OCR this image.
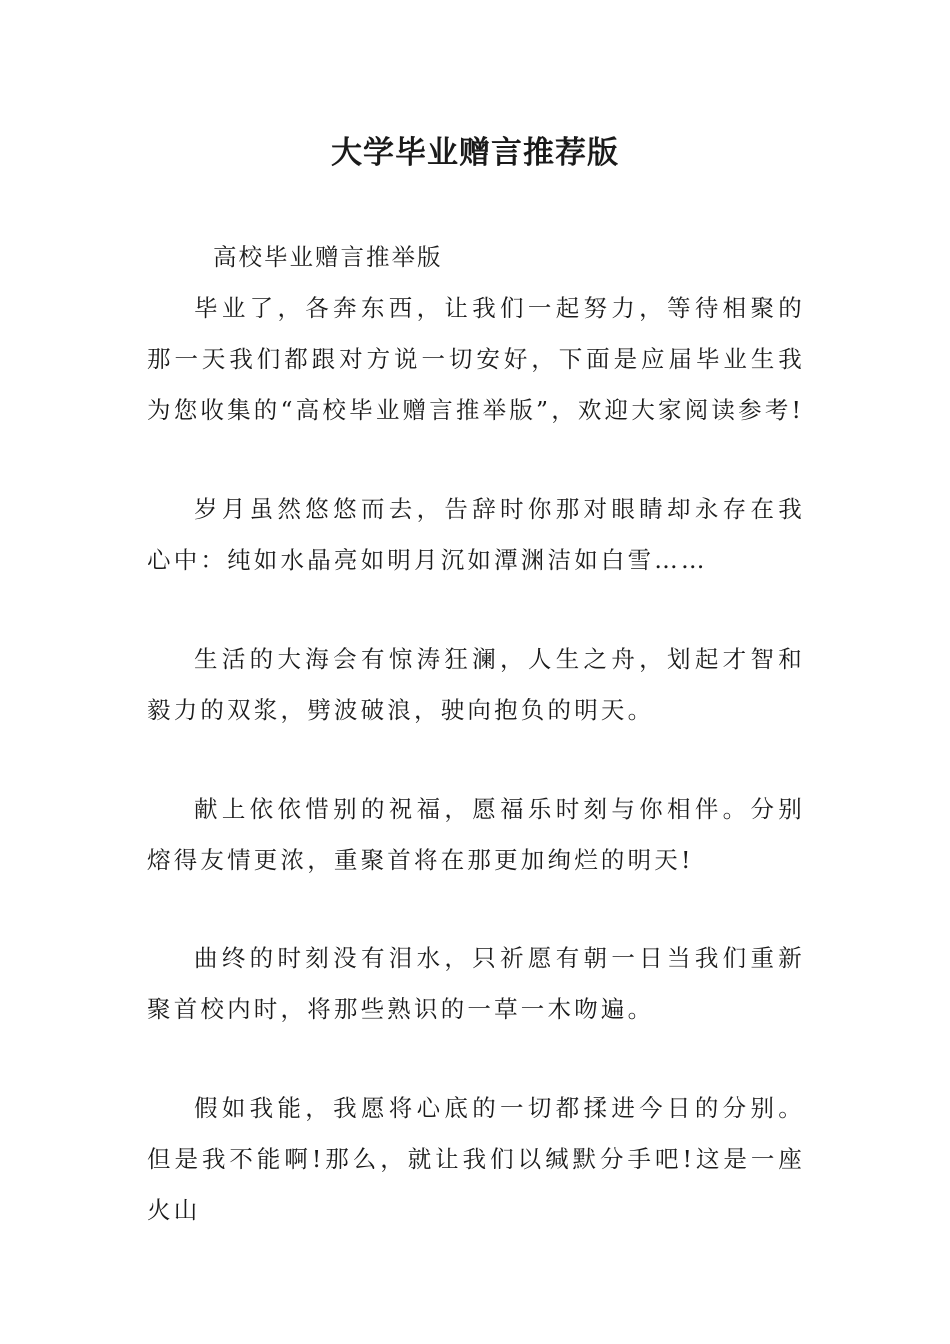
大学毕业赠言推荐版

高校毕业赠言推举版

毕业了，各奔东西，让我们一起努力，等待相聚的那一天我们都跟对方说一切安好，下面是应届毕业生我为您收集的“高校毕业赠言推举版”，欢迎大家阅读参考!

岁月虽然悠悠而去，告辞时你那对眼睛却永存在我心中：纯如水晶亮如明月沉如潭渊洁如白雪……

生活的大海会有惊涛狂澜，人生之舟，划起才智和毅力的双浆，劈波破浪，驶向抱负的明天。

献上依依惜别的祝福，愿福乐时刻与你相伴。分别熔得友情更浓，重聚首将在那更加绚烂的明天!

曲终的时刻没有泪水，只祈愿有朝一日当我们重新聚首校内时，将那些熟识的一草一木吻遍。

假如我能，我愿将心底的一切都揉进今日的分别。但是我不能啊!那么，就让我们以缄默分手吧!这是一座火山
